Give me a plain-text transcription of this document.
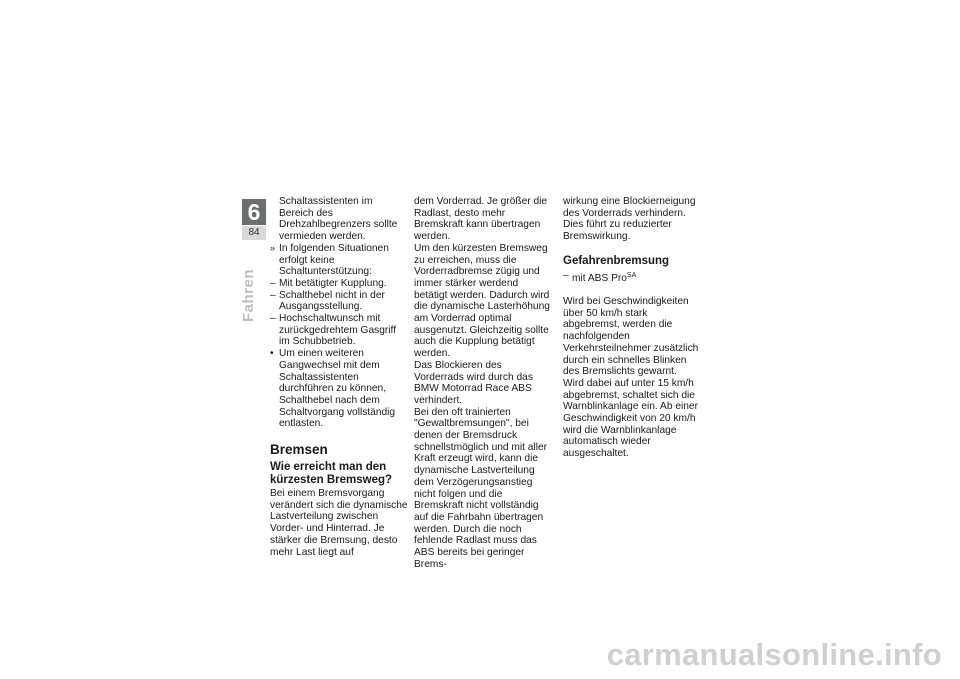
6
84
Fahren

Schaltassistenten im Bereich des Drehzahlbegrenzers sollte vermieden werden.

» In folgenden Situationen erfolgt keine Schaltunterstützung:

– Mit betätigter Kupplung.

– Schalthebel nicht in der Ausgangsstellung.

– Hochschaltwunsch mit zurückgedrehtem Gasgriff im Schubbetrieb.

• Um einen weiteren Gangwechsel mit dem Schaltassistenten durchführen zu können, Schalthebel nach dem Schaltvorgang vollständig entlasten.

Bremsen
Wie erreicht man den kürzesten Bremsweg?

Bei einem Bremsvorgang verändert sich die dynamische Lastverteilung zwischen Vorder- und Hinterrad. Je stärker die Bremsung, desto mehr Last liegt auf

dem Vorderrad. Je größer die Radlast, desto mehr Bremskraft kann übertragen werden.

Um den kürzesten Bremsweg zu erreichen, muss die Vorderradbremse zügig und immer stärker werdend betätigt werden. Dadurch wird die dynamische Lasterhöhung am Vorderrad optimal ausgenutzt. Gleichzeitig sollte auch die Kupplung betätigt werden.

Das Blockieren des Vorderrads wird durch das BMW Motorrad Race ABS verhindert.

Bei den oft trainierten "Gewaltbremsungen", bei denen der Bremsdruck schnellstmöglich und mit aller Kraft erzeugt wird, kann die dynamische Lastverteilung dem Verzögerungsanstieg nicht folgen und die Bremskraft nicht vollständig auf die Fahrbahn übertragen werden. Durch die noch fehlende Radlast muss das ABS bereits bei geringer Brems-

wirkung eine Blockierneigung des Vorderrads verhindern. Dies führt zu reduzierter Bremswirkung.

Gefahrenbremsung

– mit ABS Pro$^{SA}$

Wird bei Geschwindigkeiten über 50 km/h stark abgebremst, werden die nachfolgenden Verkehrsteilnehmer zusätzlich durch ein schnelles Blinken des Bremslichts gewarnt.

Wird dabei auf unter 15 km/h abgebremst, schaltet sich die Warnblinkanlage ein. Ab einer Geschwindigkeit von 20 km/h wird die Warnblinkanlage automatisch wieder ausgeschaltet.

carmanualsonline.info
